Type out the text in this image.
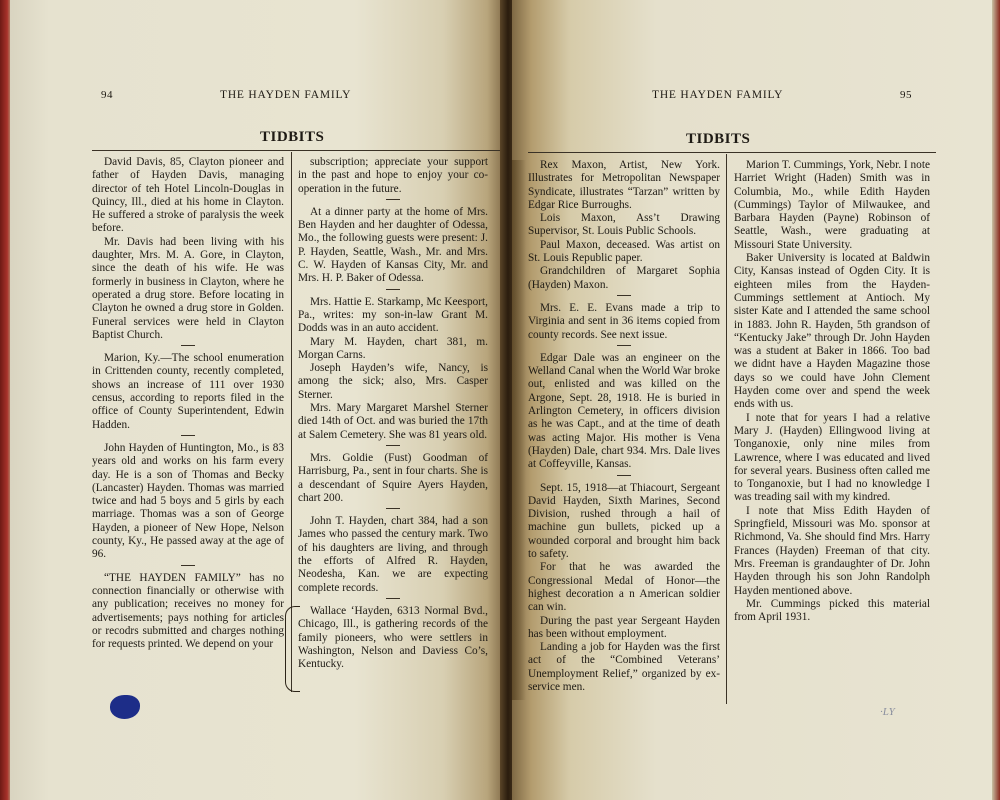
94	THE HAYDEN FAMILY
TIDBITS

David Davis, 85, Clayton pioneer and father of Hayden Davis, managing director of teh Hotel Lincoln-Douglas in Quincy, Ill., died at his home in Clayton. He suffered a stroke of paralysis the week before.

Mr. Davis had been living with his daughter, Mrs. M. A. Gore, in Clayton, since the death of his wife. He was formerly in business in Clayton, where he operated a drug store. Before locating in Clayton he owned a drug store in Golden. Funeral services were held in Clayton Baptist Church.

Marion, Ky.—The school enumeration in Crittenden county, recently completed, shows an increase of 111 over 1930 census, according to reports filed in the office of County Superintendent, Edwin Hadden.

John Hayden of Huntington, Mo., is 83 years old and works on his farm every day. He is a son of Thomas and Becky (Lancaster) Hayden. Thomas was married twice and had 5 boys and 5 girls by each marriage. Thomas was a son of George Hayden, a pioneer of New Hope, Nelson county, Ky., He passed away at the age of 96.

“THE HAYDEN FAMILY” has no connection financially or otherwise with any publication; receives no money for advertisements; pays nothing for articles or recodrs submitted and charges nothing for requests printed. We depend on your

subscription; appreciate your support in the past and hope to enjoy your co-operation in the future.

At a dinner party at the home of Mrs. Ben Hayden and her daughter of Odessa, Mo., the following guests were present: J. P. Hayden, Seattle, Wash., Mr. and Mrs. C. W. Hayden of Kansas City, Mr. and Mrs. H. P. Baker of Odessa.

Mrs. Hattie E. Starkamp, Mc Keesport, Pa., writes: my son-in-law Grant M. Dodds was in an auto accident.

Mary M. Hayden, chart 381, m. Morgan Carns.

Joseph Hayden’s wife, Nancy, is among the sick; also, Mrs. Casper Sterner.

Mrs. Mary Margaret Marshel Sterner died 14th of Oct. and was buried the 17th at Salem Cemetery. She was 81 years old.

Mrs. Goldie (Fust) Goodman of Harrisburg, Pa., sent in four charts. She is a descendant of Squire Ayers Hayden, chart 200.

John T. Hayden, chart 384, had a son James who passed the century mark. Two of his daughters are living, and through the efforts of Alfred R. Hayden, Neodesha, Kan. we are expecting complete records.

Wallace ‘Hayden, 6313 Normal Bvd., Chicago, Ill., is gathering records of the family pioneers, who were settlers in Washington, Nelson and Daviess Co’s, Kentucky.

THE HAYDEN FAMILY	95
TIDBITS

Rex Maxon, Artist, New York. Illustrates for Metropolitan Newspaper Syndicate, illustrates “Tarzan” written by Edgar Rice Burroughs.

Lois Maxon, Ass’t Drawing Supervisor, St. Louis Public Schools.

Paul Maxon, deceased. Was artist on St. Louis Republic paper.

Grandchildren of Margaret Sophia (Hayden) Maxon.

Mrs. E. E. Evans made a trip to Virginia and sent in 36 items copied from county records. See next issue.

Edgar Dale was an engineer on the Welland Canal when the World War broke out, enlisted and was killed on the Argone, Sept. 28, 1918. He is buried in Arlington Cemetery, in officers division as he was Capt., and at the time of death was acting Major. His mother is Vena (Hayden) Dale, chart 934. Mrs. Dale lives at Coffeyville, Kansas.

Sept. 15, 1918—at Thiacourt, Sergeant David Hayden, Sixth Marines, Second Division, rushed through a hail of machine gun bullets, picked up a wounded corporal and brought him back to safety.

For that he was awarded the Congressional Medal of Honor—the highest decoration a n American soldier can win.

During the past year Sergeant Hayden has been without employment.

Landing a job for Hayden was the first act of the “Combined Veterans’ Unemployment Relief,” organized by ex-service men.

Marion T. Cummings, York, Nebr. I note Harriet Wright (Haden) Smith was in Columbia, Mo., while Edith Hayden (Cummings) Taylor of Milwaukee, and Barbara Hayden (Payne) Robinson of Seattle, Wash., were graduating at Missouri State University.

Baker University is located at Baldwin City, Kansas instead of Ogden City. It is eighteen miles from the Hayden-Cummings settlement at Antioch. My sister Kate and I attended the same school in 1883. John R. Hayden, 5th grandson of “Kentucky Jake” through Dr. John Hayden was a student at Baker in 1866. Too bad we didnt have a Hayden Magazine those days so we could have John Clement Hayden come over and spend the week ends with us.

I note that for years I had a relative Mary J. (Hayden) Ellingwood living at Tonganoxie, only nine miles from Lawrence, where I was educated and lived for several years. Business often called me to Tonganoxie, but I had no knowledge I was treading sail with my kindred.

I note that Miss Edith Hayden of Springfield, Missouri was Mo. sponsor at Richmond, Va. She should find Mrs. Harry Frances (Hayden) Freeman of that city. Mrs. Freeman is grandaughter of Dr. John Hayden through his son John Randolph Hayden mentioned above.

Mr. Cummings picked this material from April 1931.

·LY
